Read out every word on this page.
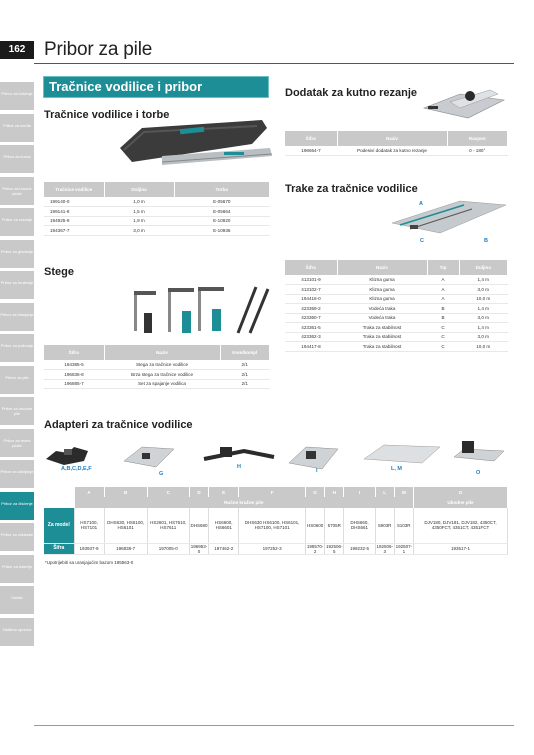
Pribor za bušenje
Pribor za svrdla
Pribor za kruna
Pribor za brusne ploče
Pribor za rezanje
Pribor za glodanje
Pribor za brušenje
Pribor za blanjanje
Pribor za poliranje
Pribor za pile
Pribor za ubodne pile
Pribor za rezne ploče
Pribor za odvijanje
Pribor za čišćenje
Pribor za vrtlarske
Pribor za bateriju
Ostalo
Zaštitna oprema
162 Pribor za pile
Tračnice vodilice i pribor
Tračnice vodilice i torbe
Tračnice vodilice	Duljina	Torba
199140-0	1,0 m	E-05670
199141-8	1,5 m	E-05664
194925-9	1,9 m	E-10920
194367-7	3,0 m	E-10936
Dodatak za kutno rezanje
Šifra	Naziv	Raspon
196664-7	Podesivi dodatak za kutno rezanje	0 - 180°
Trake za tračnice vodilice
A
C	B
Šifra	Naziv	Tip	Duljina
413101-9	Klizna guma	A	1,4 m
413102-7	Klizna guma	A	3,0 m
194416-0	Klizna guma	A	10,0 m
423359-2	Vodeća traka	B	1,4 m
423360-7	Vodeća traka	B	3,0 m
423361-5	Traka za stabilnost	C	1,4 m
423362-3	Traka za stabilnost	C	3,0 m
194417-8	Traka za stabilnost	C	10,0 m
Stege
Šifra	Naziv	Kom/kompl
194385-5	Stega za tračnice vodilice	2/1
196836-8	Brza stega za tračnice vodilice	2/1
196885-7	Set za spajanje vodilica	2/1
Adapteri za tračnice vodilice
A,B,C,D,E,F
G
H
I	L, M
O
	A	B	C	D	E	F	G	H	I	L	M	O
	Ručne kružne pile											Ubodne pile
Za model	HS7100, HS7101	DHS630, HS6100, HS6101	HS2601, HS7610, HS7611	DHS680	HS6600, HS6601	DHS630 HS6100, HS6101, HS7100, HS7101	HS0600	5705R	DHS660, DHS661	5903R	5103R	DJV180, DJV181, DJV182, 4350CT, 4350FCT, 4351CT, 4351FCT
Šifra	193937-9	196838-7	197005-0	196953-0	197462-2	197252-3	198570-2	192506-5	199232-5	192506-3	192507-1	193517-1
*Upotrijebiti sa uranjajućim bazom 195563-0
